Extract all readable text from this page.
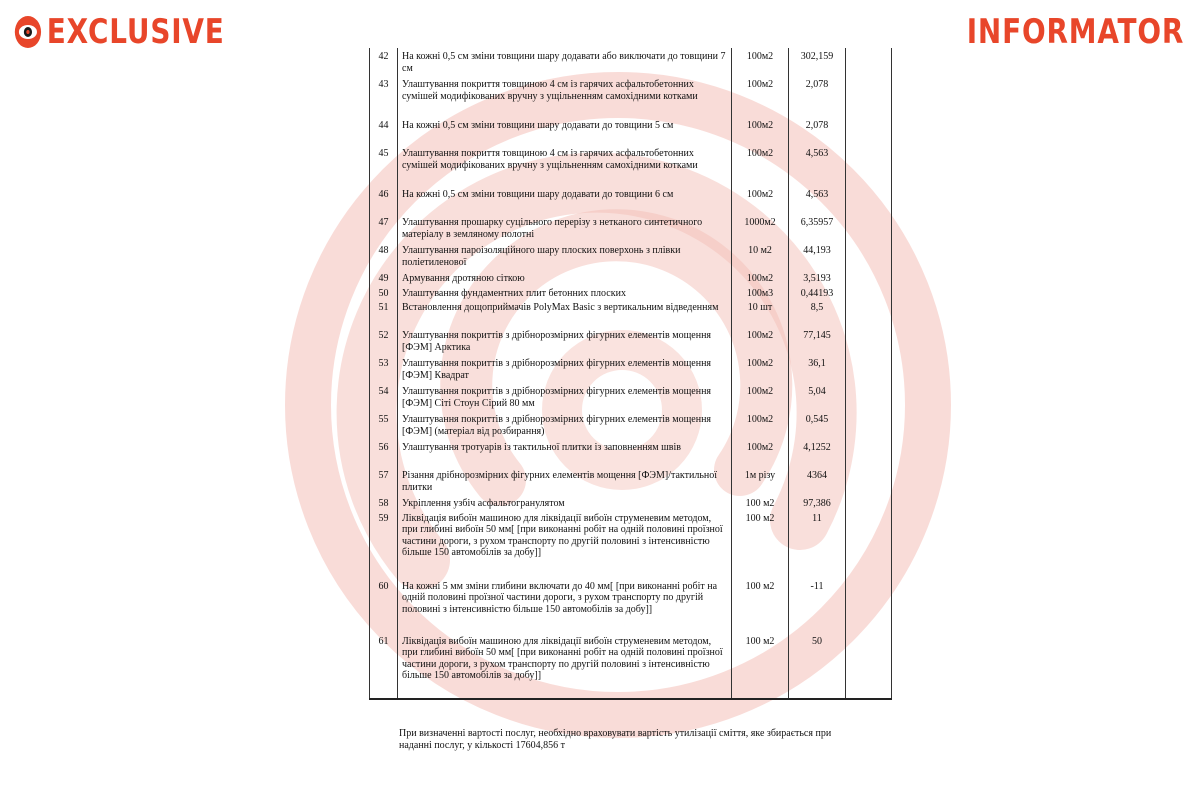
EXCLUSIVE	INFORMATOR
42	На кожні 0,5 см зміни товщини шару додавати або виключати до товщини 7 см	100м2	302,159	
43	Улаштування покриття товщиною 4 см із гарячих асфальтобетонних сумішей модифікованих вручну з ущільненням самохідними котками	100м2	2,078	
44	На кожні 0,5 см зміни товщини шару додавати до товщини 5 см	100м2	2,078	
45	Улаштування покриття товщиною 4 см із гарячих асфальтобетонних сумішей модифікованих вручну з ущільненням самохідними котками	100м2	4,563	
46	На кожні 0,5 см зміни товщини шару додавати до товщини 6 см	100м2	4,563	
47	Улаштування прошарку суцільного перерізу з нетканого синтетичного матеріалу в земляному полотні	1000м2	6,35957	
48	Улаштування пароізоляційного шару плоских поверхонь з плівки поліетиленової	10 м2	44,193	
49	Армування дротяною сіткою	100м2	3,5193	
50	Улаштування фундаментних плит бетонних плоских	100м3	0,44193	
51	Встановлення дощоприймачів PolyMax Basic з вертикальним відведенням	10 шт	8,5	
52	Улаштування покриттів з дрібнорозмірних фігурних елементів мощення [ФЭМ] Арктика	100м2	77,145	
53	Улаштування покриттів з дрібнорозмірних фігурних елементів мощення [ФЭМ] Квадрат	100м2	36,1	
54	Улаштування покриттів з дрібнорозмірних фігурних елементів мощення [ФЭМ] Сіті Стоун Сірий 80 мм	100м2	5,04	
55	Улаштування покриттів з дрібнорозмірних фігурних елементів мощення [ФЭМ] (матеріал від розбирання)	100м2	0,545	
56	Улаштування тротуарів із тактильної плитки із заповненням швів	100м2	4,1252	
57	Різання дрібнорозмірних фігурних елементів мощення [ФЭМ]/тактильної плитки	1м різу	4364	
58	Укріплення узбіч асфальтогранулятом	100 м2	97,386	
59	Ліквідація вибоїн машиною для ліквідації вибоїн струменевим методом, при глибині вибоїн 50 мм[ [при виконанні робіт на одній половині проїзної частини дороги, з рухом транспорту по другій половині з інтенсивністю більше 150 автомобілів за добу]]	100 м2	11	
60	На кожні 5 мм зміни глибини включати до 40 мм[ [при виконанні робіт на одній половині проїзної частини дороги, з рухом транспорту по другій половині з інтенсивністю більше 150 автомобілів за добу]]	100 м2	-11	
61	Ліквідація вибоїн машиною для ліквідації вибоїн струменевим методом, при глибині вибоїн 50 мм[ [при виконанні робіт на одній половині проїзної частини дороги, з рухом транспорту по другій половині з інтенсивністю більше 150 автомобілів за добу]]	100 м2	50	
При визначенні вартості послуг, необхідно враховувати вартість утилізації сміття, яке збирається при наданні послуг, у кількості 17604,856 т
